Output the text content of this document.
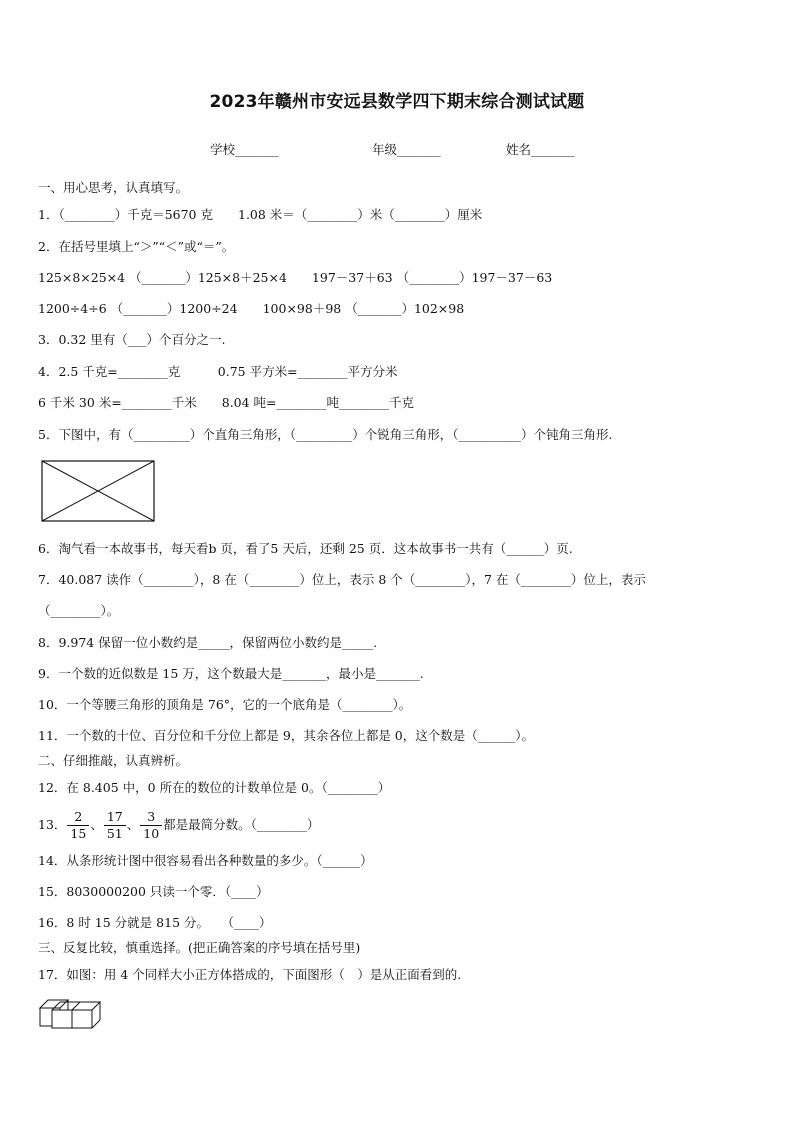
2023年赣州市安远县数学四下期末综合测试试题
学校_______	年级_______	姓名_______
一、用心思考，认真填写。
1．（________）千克＝5670 克　　1.08 米＝（________）米（________）厘米
2．在括号里填上“＞”“＜”或“＝”。
125×8×25×4 （_______）125×8＋25×4　　197－37＋63 （________）197－37－63
1200÷4÷6 （_______）1200÷24　　100×98＋98 （_______）102×98
3．0.32 里有（___）个百分之一.
4．2.5 千克=________克　　　0.75 平方米=________平方分米
6 千米 30 米=________千米　　8.04 吨=________吨________千克
5．下图中，有（_________）个直角三角形，（_________）个锐角三角形，（__________）个钝角三角形.
6．淘气看一本故事书，每天看b 页，看了5 天后，还剩 25 页．这本故事书一共有（______）页.
7．40.087 读作（________），8 在（________）位上，表示 8 个（________），7 在（________）位上，表示
（________）。
8．9.974 保留一位小数约是_____，保留两位小数约是_____.
9．一个数的近似数是 15 万，这个数最大是_______，最小是_______.
10．一个等腰三角形的顶角是 76°，它的一个底角是（________）。
11．一个数的十位、百分位和千分位上都是 9，其余各位上都是 0，这个数是（______）。
二、仔细推敲，认真辨析。
12．在 8.405 中，0 所在的数位的计数单位是 0。（________）
13． $\frac{2}{15}$ 、 $\frac{17}{51}$ 、 $\frac{3}{10}$ 都是最简分数。（________）
14．从条形统计图中很容易看出各种数量的多少。（______）
15．8030000200 只读一个零．（____）
16．8 时 15 分就是 815 分。　　（____）
三、反复比较，慎重选择。(把正确答案的序号填在括号里)
17．如图：用 4 个同样大小正方体搭成的，下面图形（　）是从正面看到的.
